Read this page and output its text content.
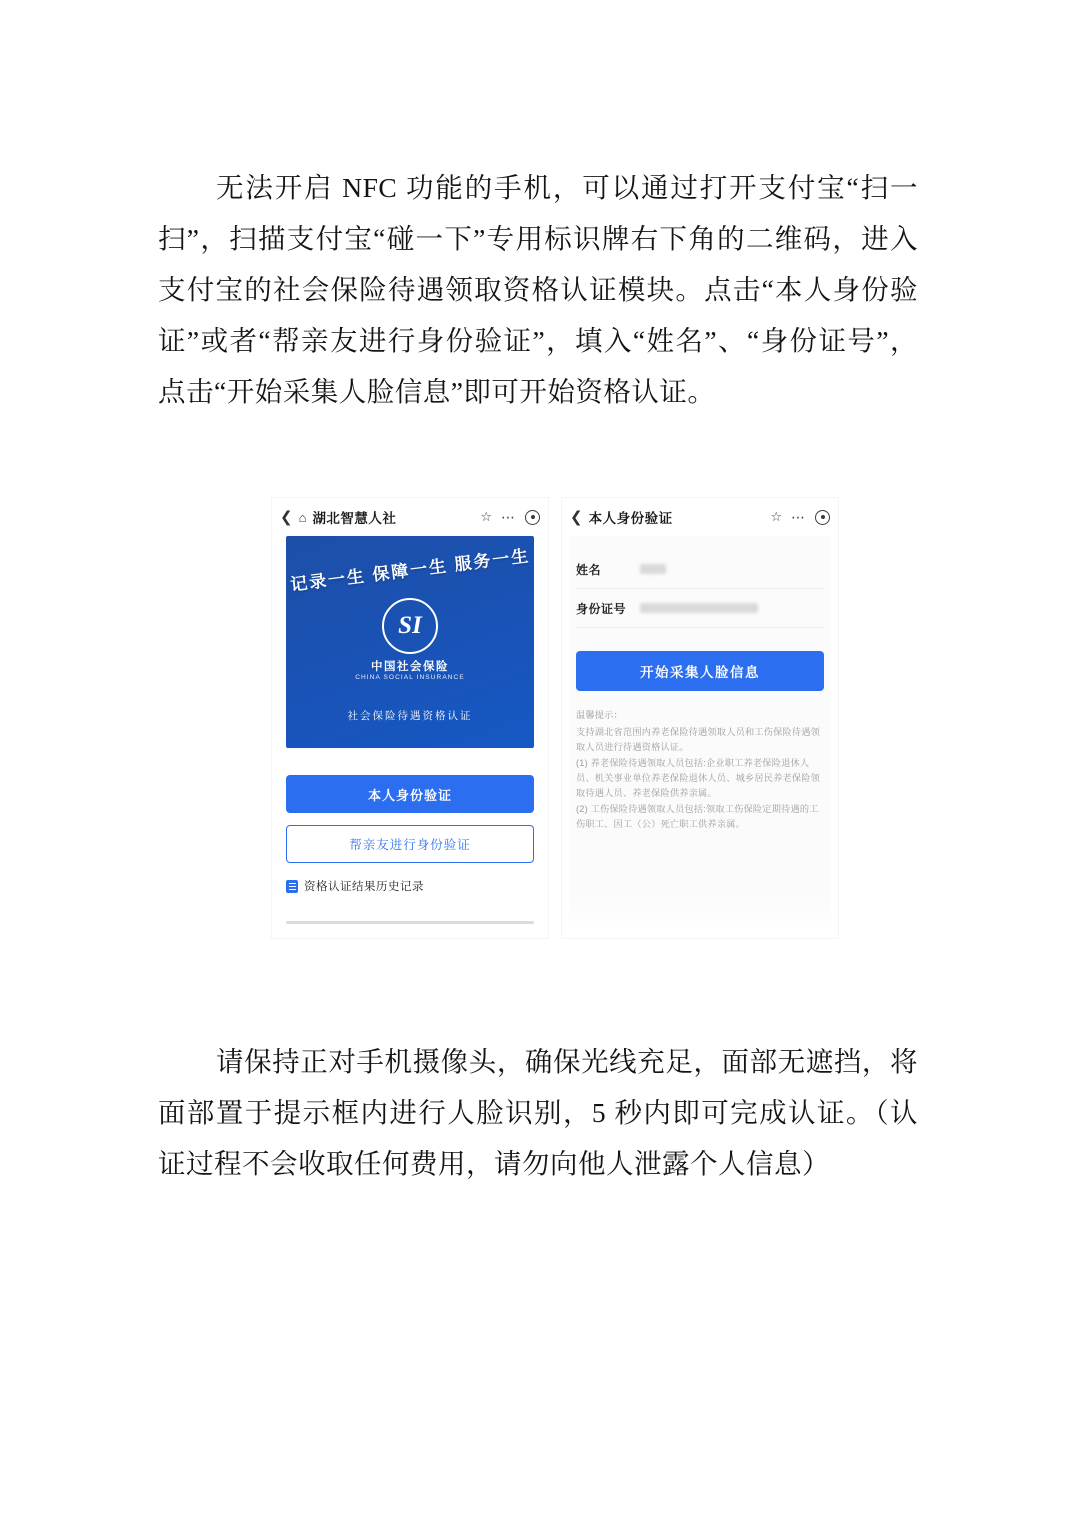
无法开启 NFC 功能的手机，可以通过打开支付宝“扫一扫”，扫描支付宝“碰一下”专用标识牌右下角的二维码，进入支付宝的社会保险待遇领取资格认证模块。点击“本人身份验证”或者“帮亲友进行身份验证”，填入“姓名”、“身份证号”，点击“开始采集人脸信息”即可开始资格认证。

❮ ⌂ 湖北智慧人社	☆ ⋯
记录一生 保障一生 服务一生
SI
中国社会保险
CHINA SOCIAL INSURANCE
社会保险待遇资格认证
本人身份验证
帮亲友进行身份验证
资格认证结果历史记录
❮ 本人身份验证	☆ ⋯
姓名
身份证号
开始采集人脸信息
温馨提示：

支持湖北省范围内养老保险待遇领取人员和工伤保险待遇领取人员进行待遇资格认证。

(1) 养老保险待遇领取人员包括:企业职工养老保险退休人员、机关事业单位养老保险退休人员、城乡居民养老保险领取待遇人员、养老保险供养亲属。

(2) 工伤保险待遇领取人员包括:领取工伤保险定期待遇的工伤职工、因工（公）死亡职工供养亲属。

请保持正对手机摄像头，确保光线充足，面部无遮挡，将面部置于提示框内进行人脸识别，5 秒内即可完成认证。（认证过程不会收取任何费用，请勿向他人泄露个人信息）
